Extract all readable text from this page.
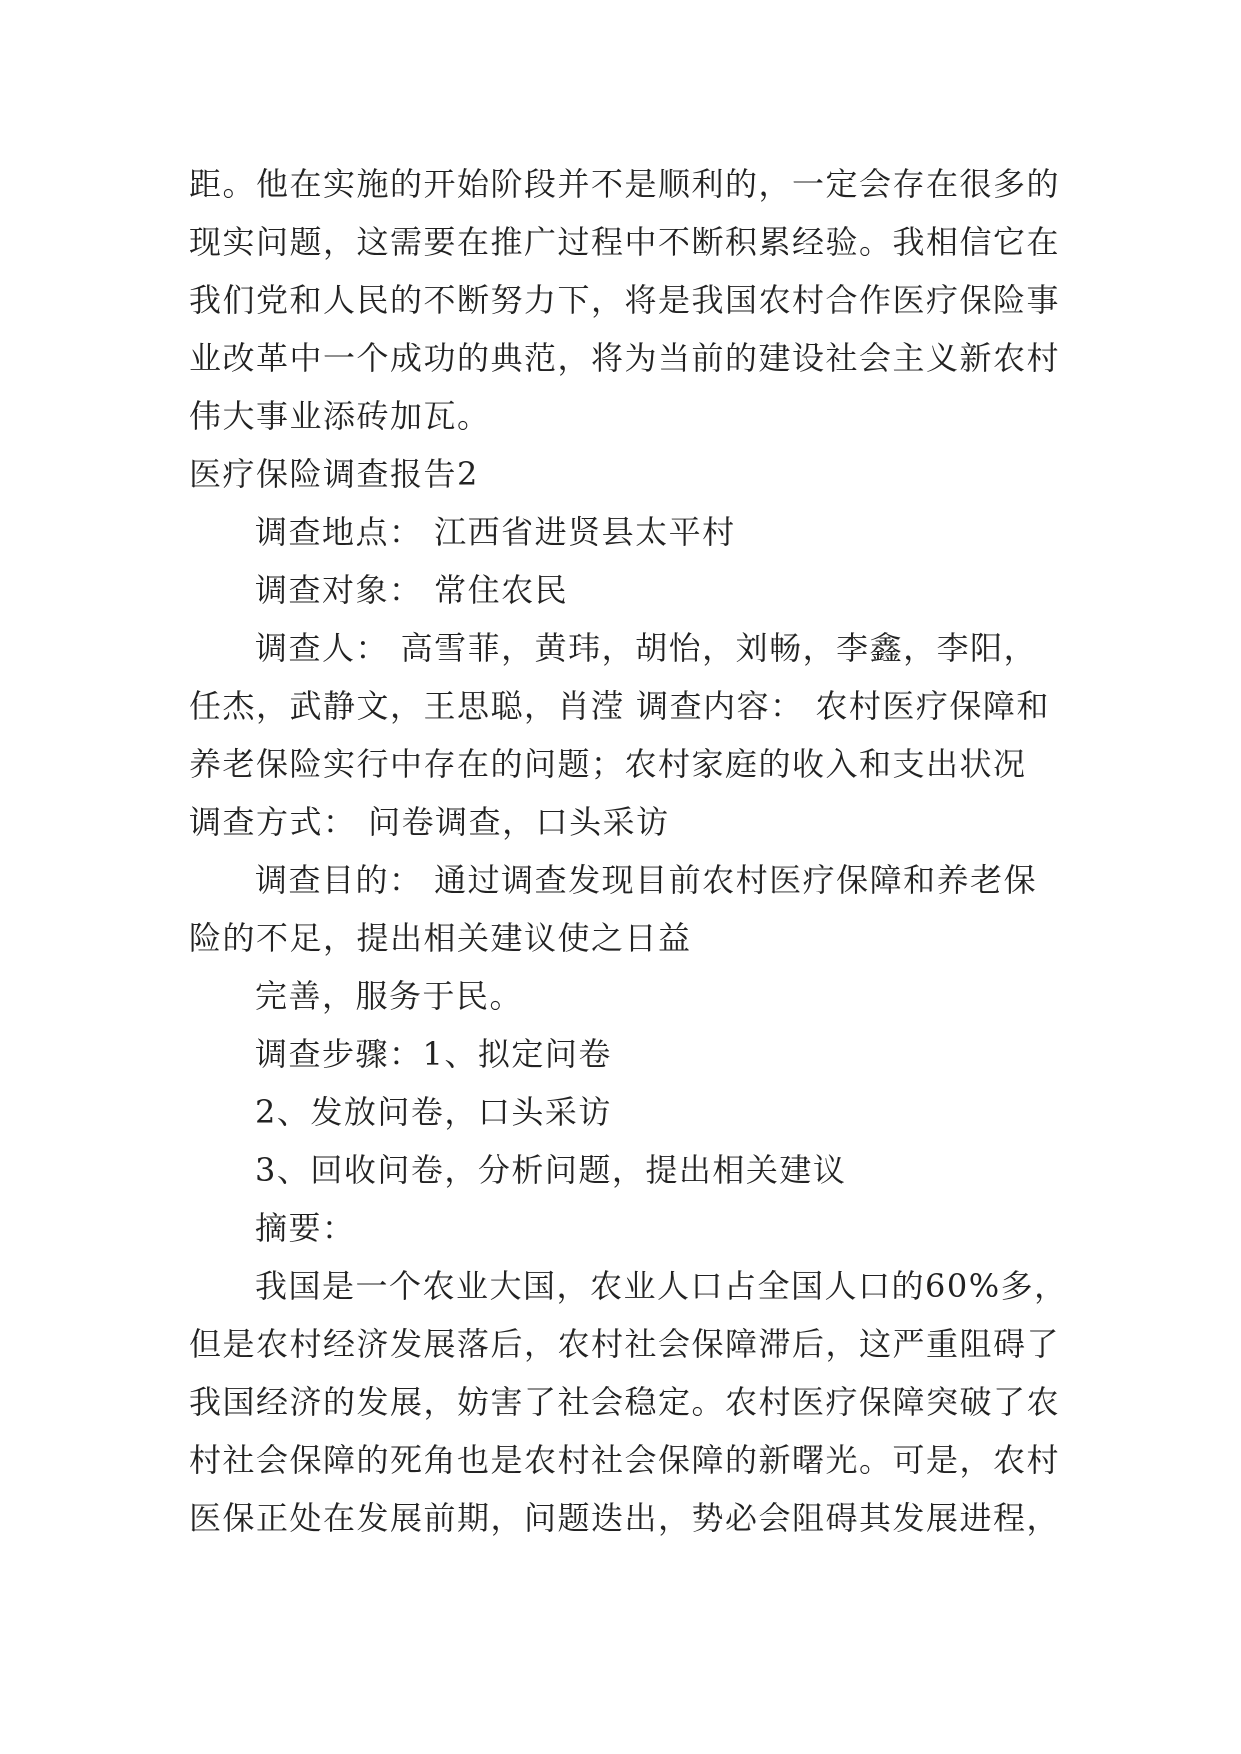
距。他在实施的开始阶段并不是顺利的，一定会存在很多的
现实问题，这需要在推广过程中不断积累经验。我相信它在
我们党和人民的不断努力下，将是我国农村合作医疗保险事
业改革中一个成功的典范，将为当前的建设社会主义新农村
伟大事业添砖加瓦。
医疗保险调查报告2
调查地点： 江西省进贤县太平村
调查对象： 常住农民
调查人： 高雪菲，黄玮，胡怡，刘畅，李鑫，李阳，
任杰，武静文，王思聪，肖滢 调查内容： 农村医疗保障和
养老保险实行中存在的问题；农村家庭的收入和支出状况
调查方式： 问卷调查，口头采访
调查目的： 通过调查发现目前农村医疗保障和养老保
险的不足，提出相关建议使之日益
完善，服务于民。
调查步骤：1、拟定问卷
2、发放问卷，口头采访
3、回收问卷，分析问题，提出相关建议
摘要：
我国是一个农业大国，农业人口占全国人口的60%多，
但是农村经济发展落后，农村社会保障滞后，这严重阻碍了
我国经济的发展，妨害了社会稳定。农村医疗保障突破了农
村社会保障的死角也是农村社会保障的新曙光。可是，农村
医保正处在发展前期，问题迭出，势必会阻碍其发展进程，
